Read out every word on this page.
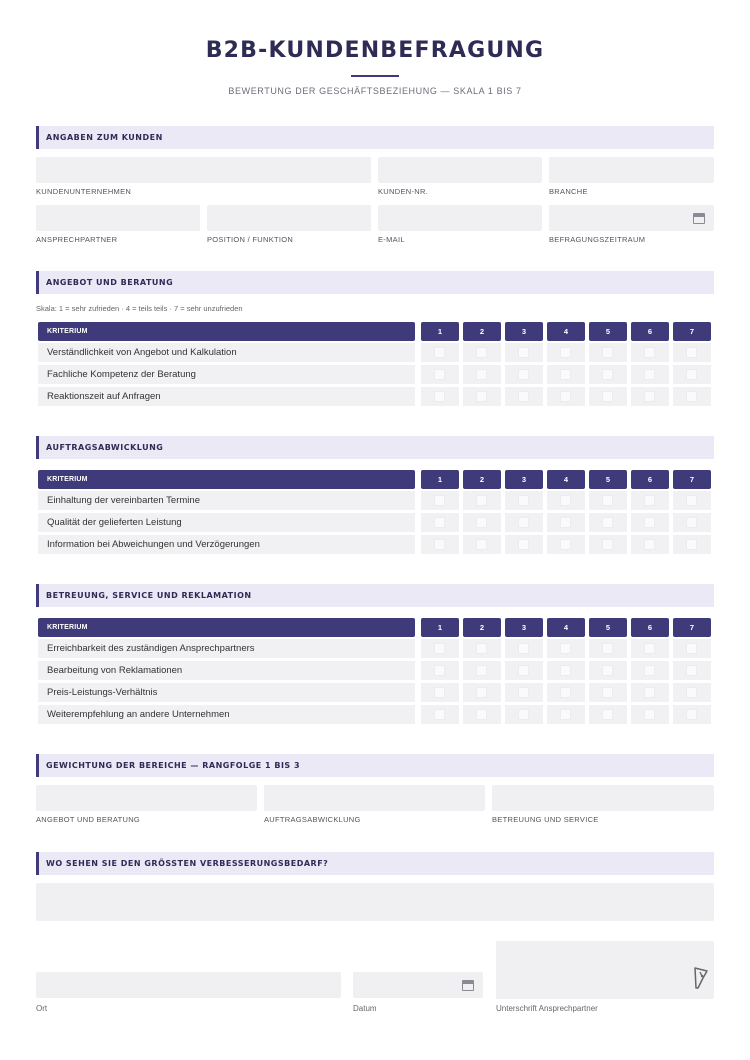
B2B-KUNDENBEFRAGUNG
BEWERTUNG DER GESCHÄFTSBEZIEHUNG — SKALA 1 BIS 7
ANGABEN ZUM KUNDEN
KUNDENUNTERNEHMEN	KUNDEN-NR.	BRANCHE
ANSPRECHPARTNER	POSITION / FUNKTION	E-MAIL	BEFRAGUNGSZEITRAUM
ANGEBOT UND BERATUNG
Skala: 1 = sehr zufrieden · 4 = teils teils · 7 = sehr unzufrieden
KRITERIUM	1	2	3	4	5	6	7
Verständlichkeit von Angebot und Kalkulation
Fachliche Kompetenz der Beratung
Reaktionszeit auf Anfragen
AUFTRAGSABWICKLUNG
KRITERIUM	1	2	3	4	5	6	7
Einhaltung der vereinbarten Termine
Qualität der gelieferten Leistung
Information bei Abweichungen und Verzögerungen
BETREUUNG, SERVICE UND REKLAMATION
KRITERIUM	1	2	3	4	5	6	7
Erreichbarkeit des zuständigen Ansprechpartners
Bearbeitung von Reklamationen
Preis-Leistungs-Verhältnis
Weiterempfehlung an andere Unternehmen
GEWICHTUNG DER BEREICHE — RANGFOLGE 1 BIS 3
ANGEBOT UND BERATUNG	AUFTRAGSABWICKLUNG	BETREUUNG UND SERVICE
WO SEHEN SIE DEN GRÖSSTEN VERBESSERUNGSBEDARF?
Ort	Datum	Unterschrift Ansprechpartner
